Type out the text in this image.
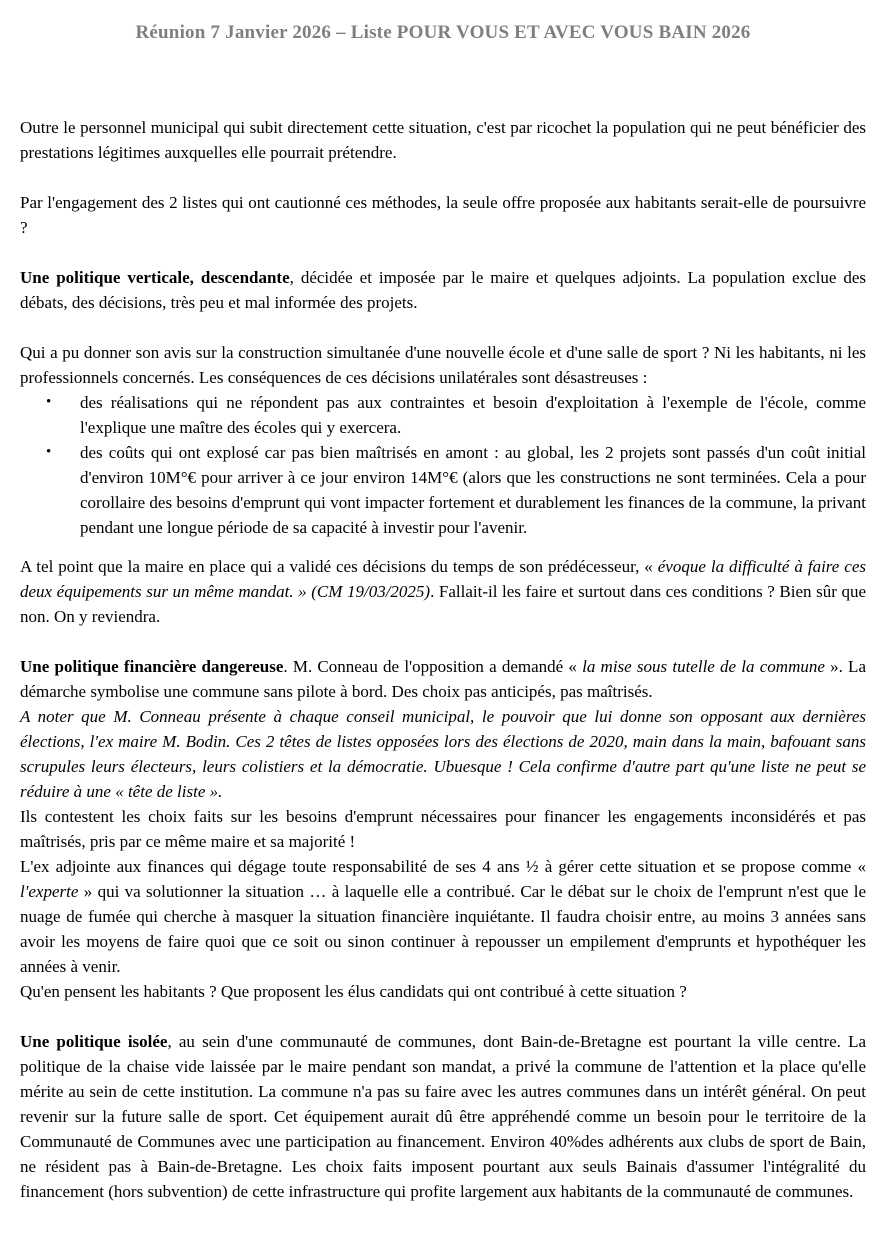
Réunion 7 Janvier 2026 – Liste POUR VOUS ET AVEC VOUS BAIN 2026

Outre le personnel municipal qui subit directement cette situation, c'est par ricochet la population qui ne peut bénéficier des prestations légitimes auxquelles elle pourrait prétendre.

Par l'engagement des 2 listes qui ont cautionné ces méthodes, la seule offre proposée aux habitants serait-elle de poursuivre ?

Une politique verticale, descendante, décidée et imposée par le maire et quelques adjoints. La population exclue des débats, des décisions, très peu et mal informée des projets.

Qui a pu donner son avis sur la construction simultanée d'une nouvelle école et d'une salle de sport ? Ni les habitants, ni les professionnels concernés. Les conséquences de ces décisions unilatérales sont désastreuses :

• des réalisations qui ne répondent pas aux contraintes et besoin d'exploitation à l'exemple de l'école, comme l'explique une maître des écoles qui y exercera.
• des coûts qui ont explosé car pas bien maîtrisés en amont : au global, les 2 projets sont passés d'un coût initial d'environ 10M°€ pour arriver à ce jour environ 14M°€ (alors que les constructions ne sont terminées. Cela a pour corollaire des besoins d'emprunt qui vont impacter fortement et durablement les finances de la commune, la privant pendant une longue période de sa capacité à investir pour l'avenir.

A tel point que la maire en place qui a validé ces décisions du temps de son prédécesseur, « évoque la difficulté à faire ces deux équipements sur un même mandat. » (CM 19/03/2025). Fallait-il les faire et surtout dans ces conditions ? Bien sûr que non. On y reviendra.

Une politique financière dangereuse. M. Conneau de l'opposition a demandé « la mise sous tutelle de la commune ». La démarche symbolise une commune sans pilote à bord. Des choix pas anticipés, pas maîtrisés.

A noter que M. Conneau présente à chaque conseil municipal, le pouvoir que lui donne son opposant aux dernières élections, l'ex maire M. Bodin. Ces 2 têtes de listes opposées lors des élections de 2020, main dans la main, bafouant sans scrupules leurs électeurs, leurs colistiers et la démocratie. Ubuesque ! Cela confirme d'autre part qu'une liste ne peut se réduire à une « tête de liste ».

Ils contestent les choix faits sur les besoins d'emprunt nécessaires pour financer les engagements inconsidérés et pas maîtrisés, pris par ce même maire et sa majorité !

L'ex adjointe aux finances qui dégage toute responsabilité de ses 4 ans ½ à gérer cette situation et se propose comme « l'experte » qui va solutionner la situation … à laquelle elle a contribué. Car le débat sur le choix de l'emprunt n'est que le nuage de fumée qui cherche à masquer la situation financière inquiétante. Il faudra choisir entre, au moins 3 années sans avoir les moyens de faire quoi que ce soit ou sinon continuer à repousser un empilement d'emprunts et hypothéquer les années à venir.

Qu'en pensent les habitants ? Que proposent les élus candidats qui ont contribué à cette situation ?

Une politique isolée, au sein d'une communauté de communes, dont Bain-de-Bretagne est pourtant la ville centre. La politique de la chaise vide laissée par le maire pendant son mandat, a privé la commune de l'attention et la place qu'elle mérite au sein de cette institution. La commune n'a pas su faire avec les autres communes dans un intérêt général. On peut revenir sur la future salle de sport. Cet équipement aurait dû être appréhendé comme un besoin pour le territoire de la Communauté de Communes avec une participation au financement. Environ 40%des adhérents aux clubs de sport de Bain, ne résident pas à Bain-de-Bretagne. Les choix faits imposent pourtant aux seuls Bainais d'assumer l'intégralité du financement (hors subvention) de cette infrastructure qui profite largement aux habitants de la communauté de communes.
